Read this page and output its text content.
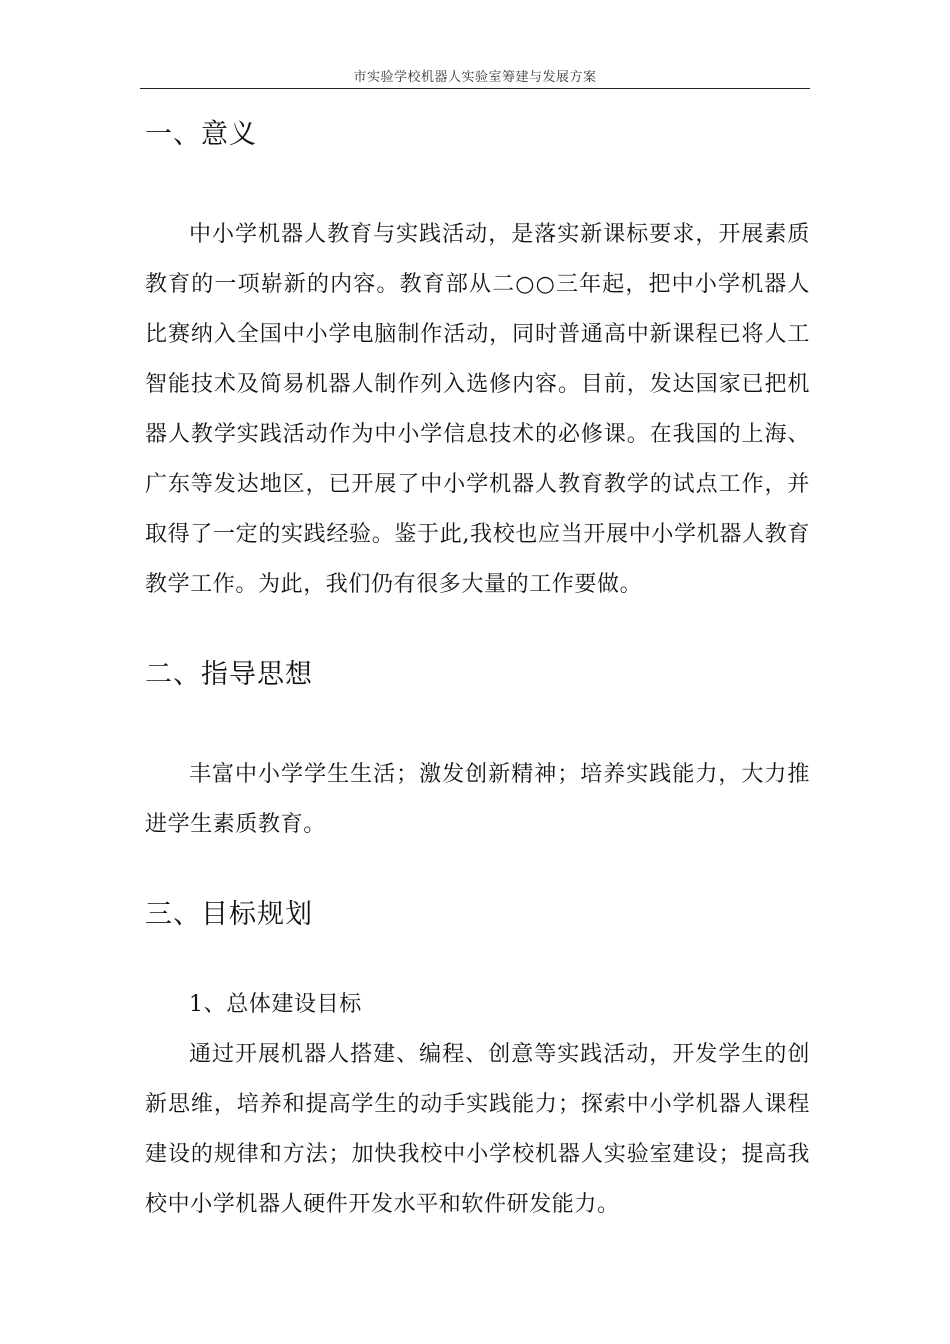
市实验学校机器人实验室筹建与发展方案
一、意义

中小学机器人教育与实践活动，是落实新课标要求，开展素质教育的一项崭新的内容。教育部从二○○三年起，把中小学机器人比赛纳入全国中小学电脑制作活动，同时普通高中新课程已将人工智能技术及简易机器人制作列入选修内容。目前，发达国家已把机器人教学实践活动作为中小学信息技术的必修课。在我国的上海、广东等发达地区，已开展了中小学机器人教育教学的试点工作，并取得了一定的实践经验。鉴于此,我校也应当开展中小学机器人教育教学工作。为此，我们仍有很多大量的工作要做。

二、指导思想

丰富中小学学生生活；激发创新精神；培养实践能力，大力推进学生素质教育。

三、目标规划

1、总体建设目标

通过开展机器人搭建、编程、创意等实践活动，开发学生的创新思维，培养和提高学生的动手实践能力；探索中小学机器人课程建设的规律和方法；加快我校中小学校机器人实验室建设；提高我校中小学机器人硬件开发水平和软件研发能力。
